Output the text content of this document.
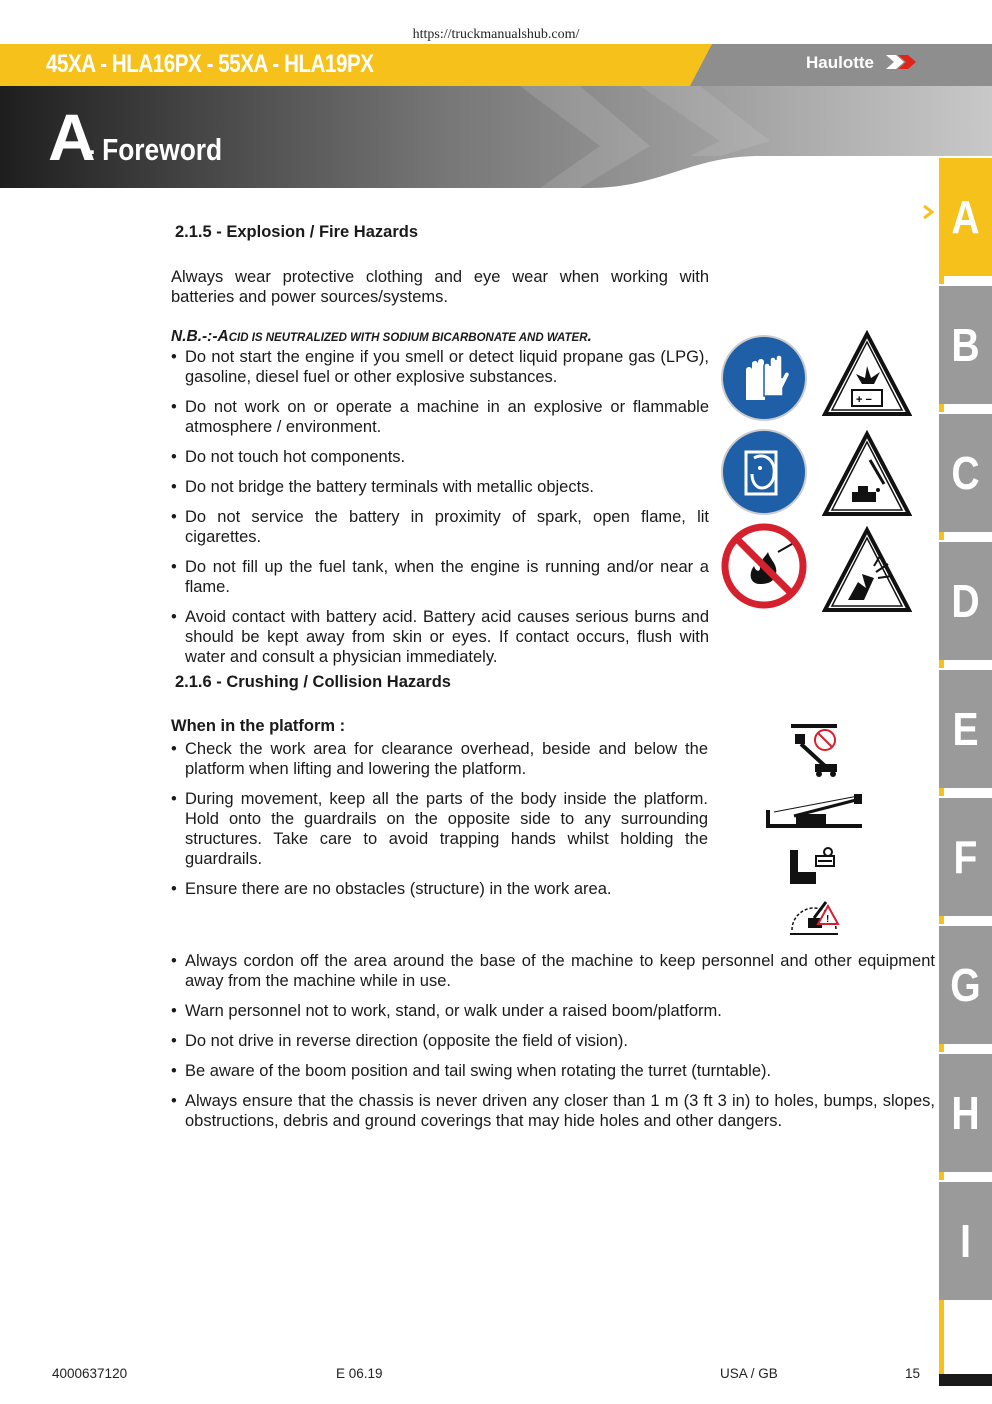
https://truckmanualshub.com/
45XA - HLA16PX - 55XA - HLA19PX	Haulotte
A
- Foreword
A
B
C
D
E
F
G
H
I
2.1.5 - Explosion / Fire Hazards
Always wear protective clothing and eye wear when working with batteries and power sources/systems.
N.B.-:-ACID IS NEUTRALIZED WITH SODIUM BICARBONATE AND WATER.
• Do not start the engine if you smell or detect liquid propane gas (LPG), gasoline, diesel fuel or other explosive substances.
• Do not work on or operate a machine in an explosive or flammable atmosphere / environment.
• Do not touch hot components.
• Do not bridge the battery terminals with metallic objects.
• Do not service the battery in proximity of spark, open flame, lit cigarettes.
• Do not fill up the fuel tank, when the engine is running and/or near a flame.
• Avoid contact with battery acid. Battery acid causes serious burns and should be kept away from skin or eyes. If contact occurs, flush with water and consult a physician immediately.
+ −
2.1.6 - Crushing / Collision Hazards
When in the platform :
• Check the work area for clearance overhead, beside and below the platform when lifting and lowering the platform.
• During movement, keep all the parts of the body inside the platform. Hold onto the guardrails on the opposite side to any surrounding structures. Take care to avoid trapping hands whilst holding the guardrails.
• Ensure there are no obstacles (structure) in the work area.
!
• Always cordon off the area around the base of the machine to keep personnel and other equipment away from the machine while in use.
• Warn personnel not to work, stand, or walk under a raised boom/platform.
• Do not drive in reverse direction (opposite the field of vision).
• Be aware of the boom position and tail swing when rotating the turret (turntable).
• Always ensure that the chassis is never driven any closer than 1 m (3 ft 3 in) to holes, bumps, slopes, obstructions, debris and ground coverings that may hide holes and other dangers.
4000637120	E 06.19	USA / GB	15
